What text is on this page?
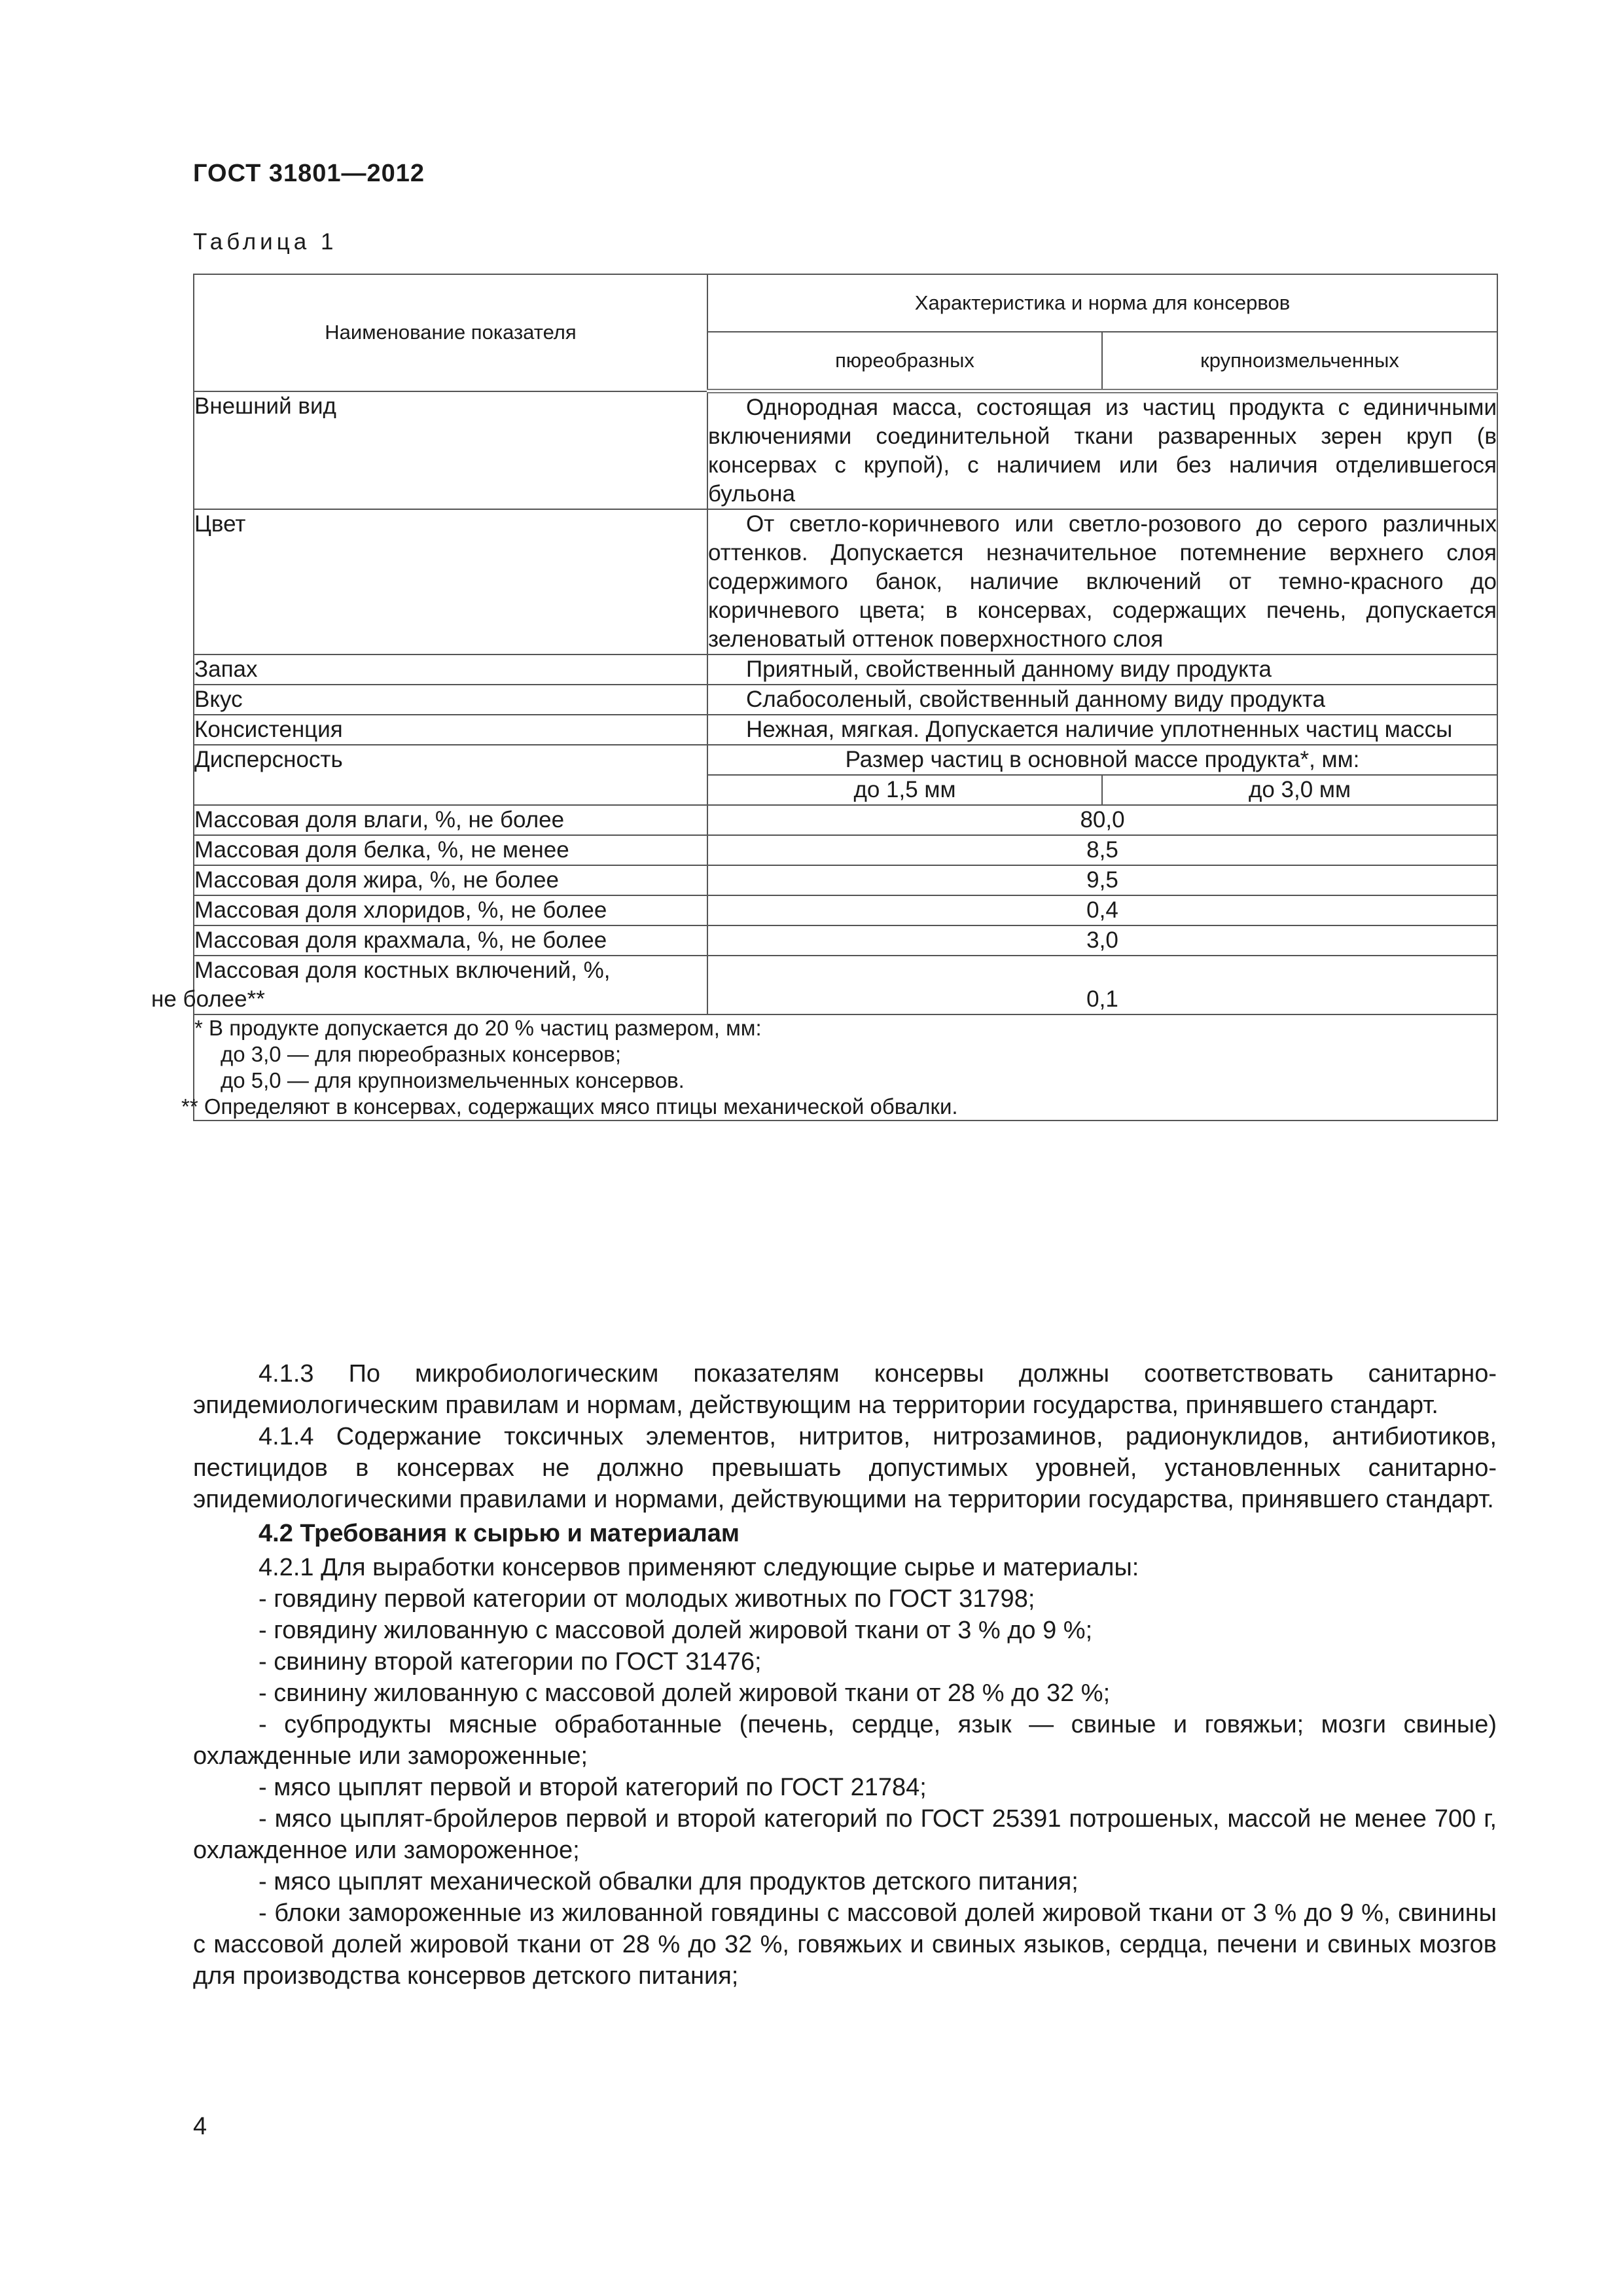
ГОСТ 31801—2012
Таблица 1
Наименование показателя	Характеристика и норма для консервов	
	пюреобразных	крупноизмельченных
Внешний вид	Однородная масса, состоящая из частиц продукта с единичными включениями соединительной ткани разваренных зерен круп (в консервах с крупой), с наличием или без наличия отделившегося бульона	

Цвет	От светло-коричневого или светло-розового до серого различных оттенков. Допускается незначительное потемнение верхнего слоя содержимого банок, наличие включений от темно-красного до коричневого цвета; в консервах, содержащих печень, допускается зеленоватый оттенок поверхностного слоя	

Запах	Приятный, свойственный данному виду продукта	

Вкус	Слабосоленый, свойственный данному виду продукта	

Консистенция	Нежная, мягкая. Допускается наличие уплотненных частиц массы	

Дисперсность	Размер частиц в основной массе продукта*, мм:	
	до 1,5 мм	до 3,0 мм
Массовая доля влаги, %, не более	80,0	
Массовая доля белка, %, не менее	8,5	
Массовая доля жира, %, не более	9,5	
Массовая доля хлоридов, %, не более	0,4	
Массовая доля крахмала, %, не более	3,0	

Массовая доля костных включений, %,
не более**	0,1	

* В продукте допускается до 20 % частиц размером, мм:
до 3,0 — для пюреобразных консервов;
до 5,0 — для крупноизмельченных консервов.
** Определяют в консервах, содержащих мясо птицы механической обвалки.		

4.1.3 По микробиологическим показателям консервы должны соответствовать санитарно-эпидемиологическим правилам и нормам, действующим на территории государства, принявшего стандарт.

4.1.4 Содержание токсичных элементов, нитритов, нитрозаминов, радионуклидов, антибиотиков, пестицидов в консервах не должно превышать допустимых уровней, установленных санитарно-эпидемиологическими правилами и нормами, действующими на территории государства, принявшего стандарт.

4.2 Требования к сырью и материалам

4.2.1 Для выработки консервов применяют следующие сырье и материалы:

- говядину первой категории от молодых животных по ГОСТ 31798;

- говядину жилованную с массовой долей жировой ткани от 3 % до 9 %;

- свинину второй категории по ГОСТ 31476;

- свинину жилованную с массовой долей жировой ткани от 28 % до 32 %;

- субпродукты мясные обработанные (печень, сердце, язык — свиные и говяжьи; мозги свиные) охлажденные или замороженные;

- мясо цыплят первой и второй категорий по ГОСТ 21784;

- мясо цыплят-бройлеров первой и второй категорий по ГОСТ 25391 потрошеных, массой не менее 700 г, охлажденное или замороженное;

- мясо цыплят механической обвалки для продуктов детского питания;

- блоки замороженные из жилованной говядины с массовой долей жировой ткани от 3 % до 9 %, свинины с массовой долей жировой ткани от 28 % до 32 %, говяжьих и свиных языков, сердца, печени и свиных мозгов для производства консервов детского питания;

4
